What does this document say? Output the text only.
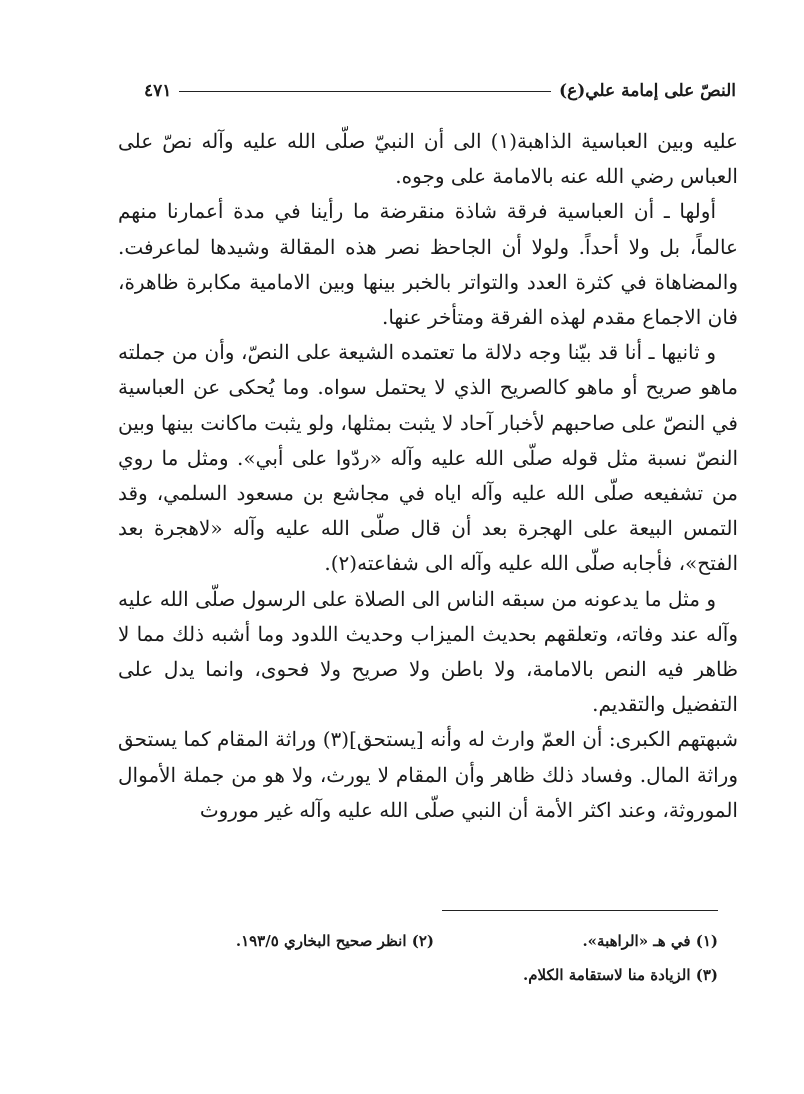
النصّ على إمامة علي(ع)
٤٧١

عليه وبين العباسية الذاهبة(١) الى أن النبيّ صلّى الله عليه وآله نصّ على العباس رضي الله عنه بالامامة على وجوه.

أولها ـ أن العباسية فرقة شاذة منقرضة ما رأينا في مدة أعمارنا منهم عالماً، بل ولا أحداً. ولولا أن الجاحظ نصر هذه المقالة وشيدها لماعرفت. والمضاهاة في كثرة العدد والتواتر بالخبر بينها وبين الامامية مكابرة ظاهرة، فان الاجماع مقدم لهذه الفرقة ومتأخر عنها.

و ثانيها ـ أنا قد بيّنا وجه دلالة ما تعتمده الشيعة على النصّ، وأن من جملته ماهو صريح أو ماهو كالصريح الذي لا يحتمل سواه. وما يُحكى عن العباسية في النصّ على صاحبهم لأخبار آحاد لا يثبت بمثلها، ولو يثبت ماكانت بينها وبين النصّ نسبة مثل قوله صلّى الله عليه وآله «ردّوا على أبي». ومثل ما روي من تشفيعه صلّى الله عليه وآله اياه في مجاشع بن مسعود السلمي، وقد التمس البيعة على الهجرة بعد أن قال صلّى الله عليه وآله «لاهجرة بعد الفتح»، فأجابه صلّى الله عليه وآله الى شفاعته(٢).

و مثل ما يدعونه من سبقه الناس الى الصلاة على الرسول صلّى الله عليه وآله عند وفاته، وتعلقهم بحديث الميزاب وحديث اللدود وما أشبه ذلك مما لا ظاهر فيه النص بالامامة، ولا باطن ولا صريح ولا فحوى، وانما يدل على التفضيل والتقديم.

شبهتهم الكبرى: أن العمّ وارث له وأنه [يستحق](٣) وراثة المقام كما يستحق وراثة المال. وفساد ذلك ظاهر وأن المقام لا يورث، ولا هو من جملة الأموال الموروثة، وعند اكثر الأمة أن النبي صلّى الله عليه وآله غير موروث

(١) في هـ «الراهبة».
(٢) انظر صحيح البخاري ١٩٣/٥.
(٣) الزيادة منا لاستقامة الكلام.
